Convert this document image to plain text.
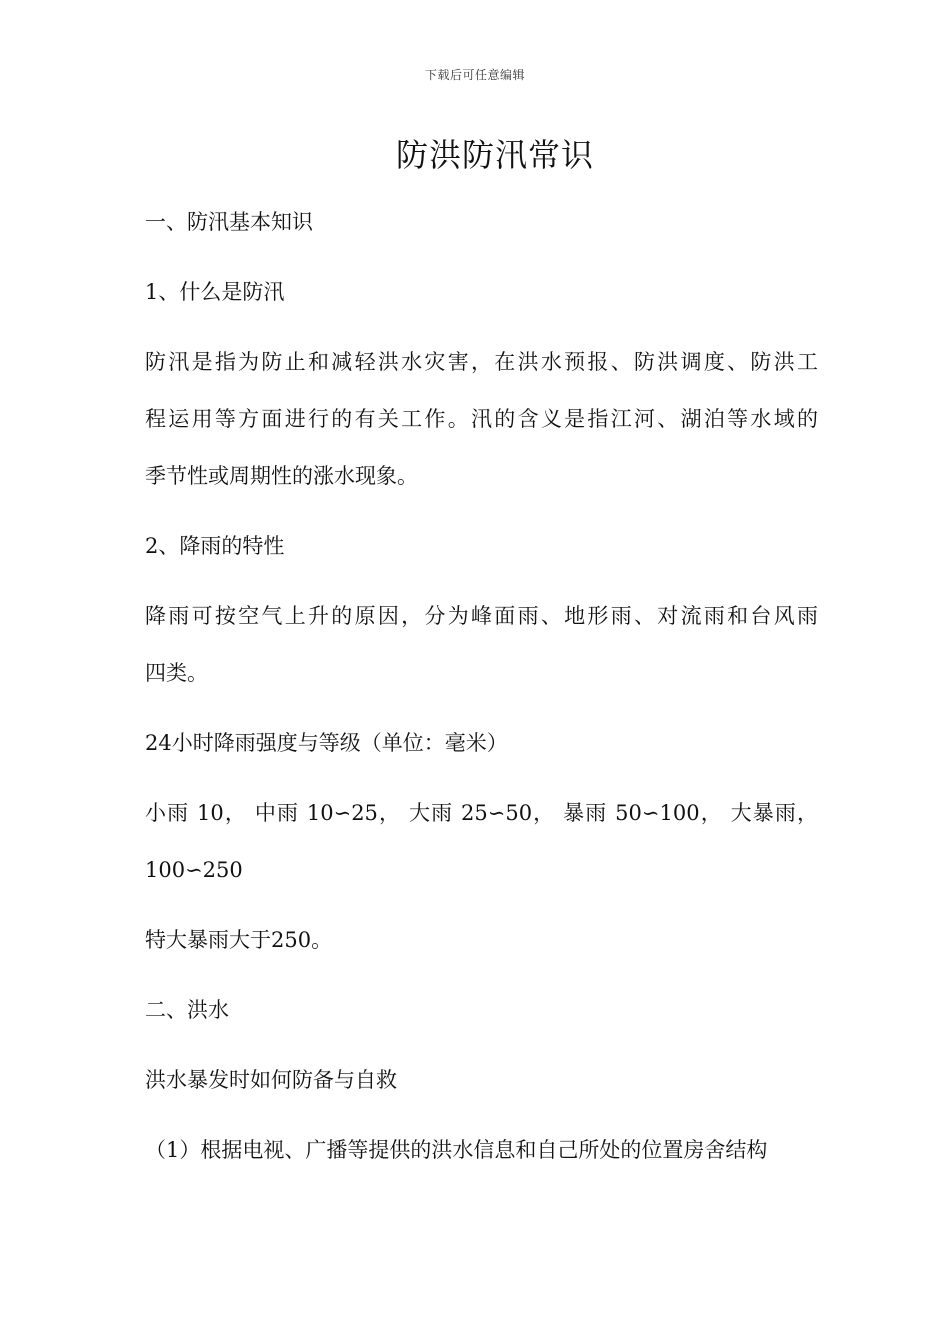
下载后可任意编辑
防洪防汛常识
一、防汛基本知识
1、什么是防汛
防汛是指为防止和减轻洪水灾害，在洪水预报、防洪调度、防洪工
程运用等方面进行的有关工作。汛的含义是指江河、湖泊等水域的
季节性或周期性的涨水现象。
2、降雨的特性
降雨可按空气上升的原因，分为峰面雨、地形雨、对流雨和台风雨
四类。
24小时降雨强度与等级（单位：毫米）
小雨 10， 中雨 10∽25， 大雨 25∽50， 暴雨 50∽100， 大暴雨，
100∽250
特大暴雨大于250。
二、洪水
洪水暴发时如何防备与自救
（1）根据电视、广播等提供的洪水信息和自己所处的位置房舍结构
